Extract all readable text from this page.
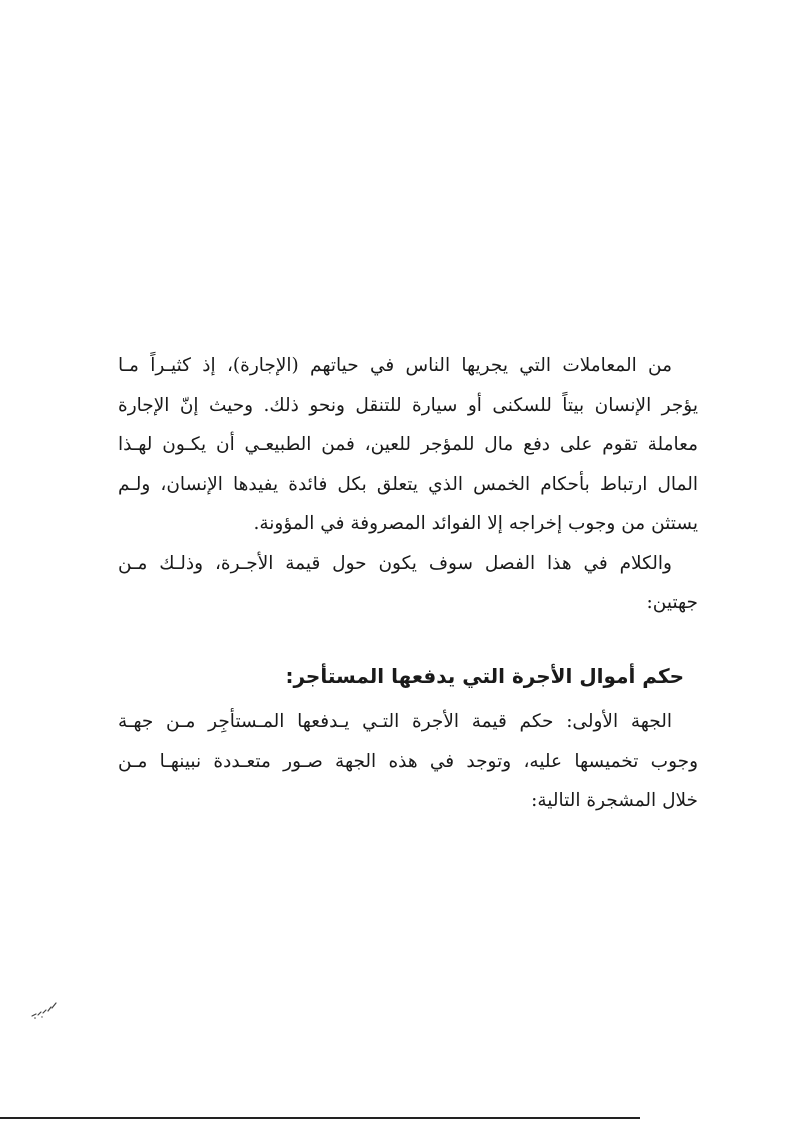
من المعاملات التي يجريها الناس في حياتهم (الإجارة)، إذ كثيـراً مـا
يؤجر الإنسان بيتاً للسكنى أو سيارة للتنقل ونحو ذلك. وحيث إنّ الإجارة
معاملة تقوم على دفع مال للمؤجر للعين، فمن الطبيعـي أن يكـون لهـذا
المال ارتباط بأحكام الخمس الذي يتعلق بكل فائدة يفيدها الإنسان، ولـم
يستثن من وجوب إخراجه إلا الفوائد المصروفة في المؤونة.
والكلام في هذا الفصل سوف يكون حول قيمة الأجـرة، وذلـك مـن
جهتين:
حكم أموال الأجرة التي يدفعها المستأجر:
الجهة الأولى: حكم قيمة الأجرة التـي يـدفعها المـستأجِر مـن جهـة
وجوب تخميسها عليه، وتوجد في هذه الجهة صـور متعـددة نبينهـا مـن
خلال المشجرة التالية:
